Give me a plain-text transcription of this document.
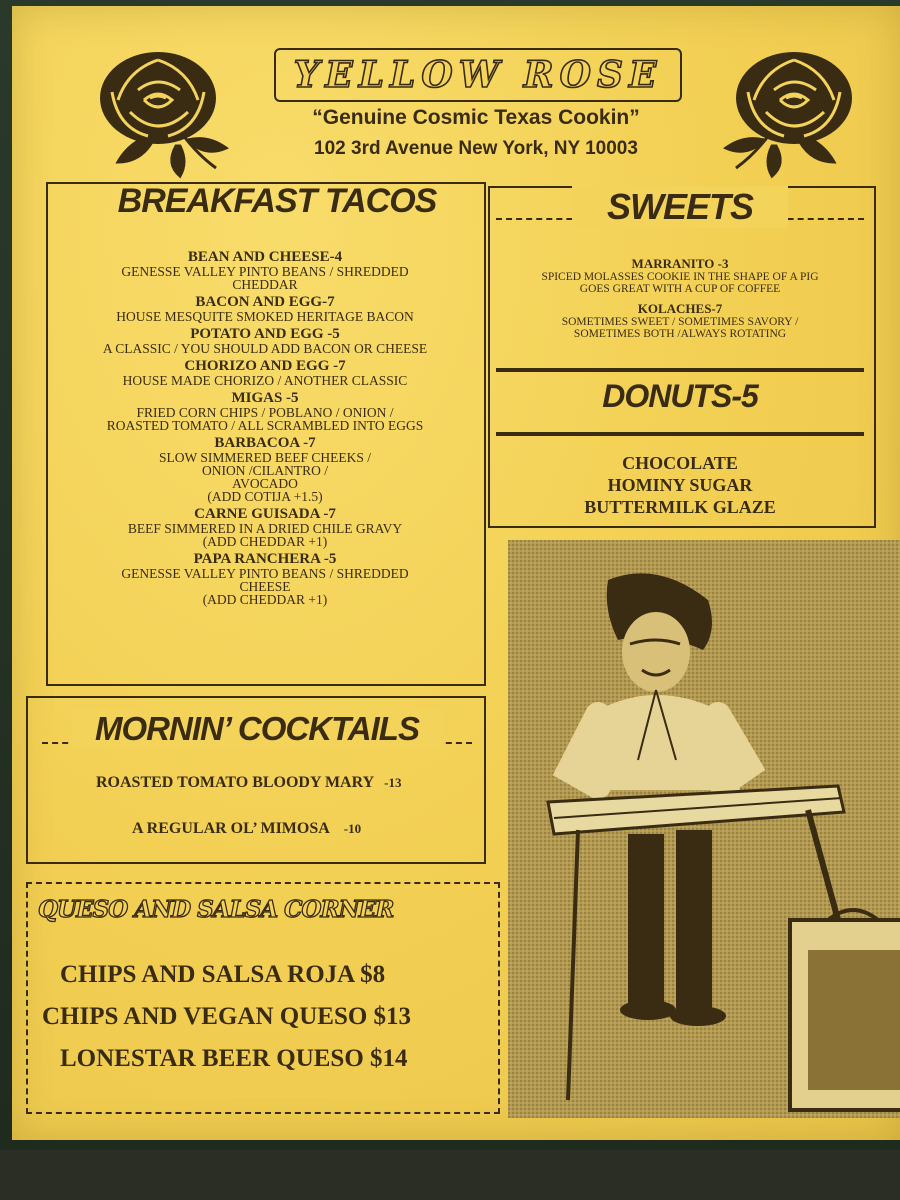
YELLOW ROSE
“Genuine Cosmic Texas Cookin”
102 3rd Avenue New York, NY 10003
BREAKFAST TACOS
BEAN AND CHEESE-4
GENESSE VALLEY PINTO BEANS / SHREDDED
CHEDDAR
BACON AND EGG-7
HOUSE MESQUITE SMOKED HERITAGE BACON
POTATO AND EGG -5
A CLASSIC / YOU SHOULD ADD BACON OR CHEESE
CHORIZO AND EGG -7
HOUSE MADE CHORIZO / ANOTHER CLASSIC
MIGAS -5
FRIED CORN CHIPS / POBLANO / ONION /
ROASTED TOMATO / ALL SCRAMBLED INTO EGGS
BARBACOA -7
SLOW SIMMERED BEEF CHEEKS /
ONION /CILANTRO /
AVOCADO
(ADD COTIJA +1.5)
CARNE GUISADA -7
BEEF SIMMERED IN A DRIED CHILE GRAVY
(ADD CHEDDAR +1)
PAPA RANCHERA -5
GENESSE VALLEY PINTO BEANS / SHREDDED
CHEESE
(ADD CHEDDAR +1)
SWEETS
MARRANITO -3
SPICED MOLASSES COOKIE IN THE SHAPE OF A PIG
GOES GREAT WITH A CUP OF COFFEE
KOLACHES-7
SOMETIMES SWEET / SOMETIMES SAVORY /
SOMETIMES BOTH /ALWAYS ROTATING
DONUTS-5
CHOCOLATE
HOMINY SUGAR
BUTTERMILK GLAZE
MORNIN’ COCKTAILS
ROASTED TOMATO BLOODY MARY -13
A REGULAR OL’ MIMOSA -10
QUESO AND SALSA CORNER
CHIPS AND SALSA ROJA $8
CHIPS AND VEGAN QUESO $13
LONESTAR BEER QUESO $14
